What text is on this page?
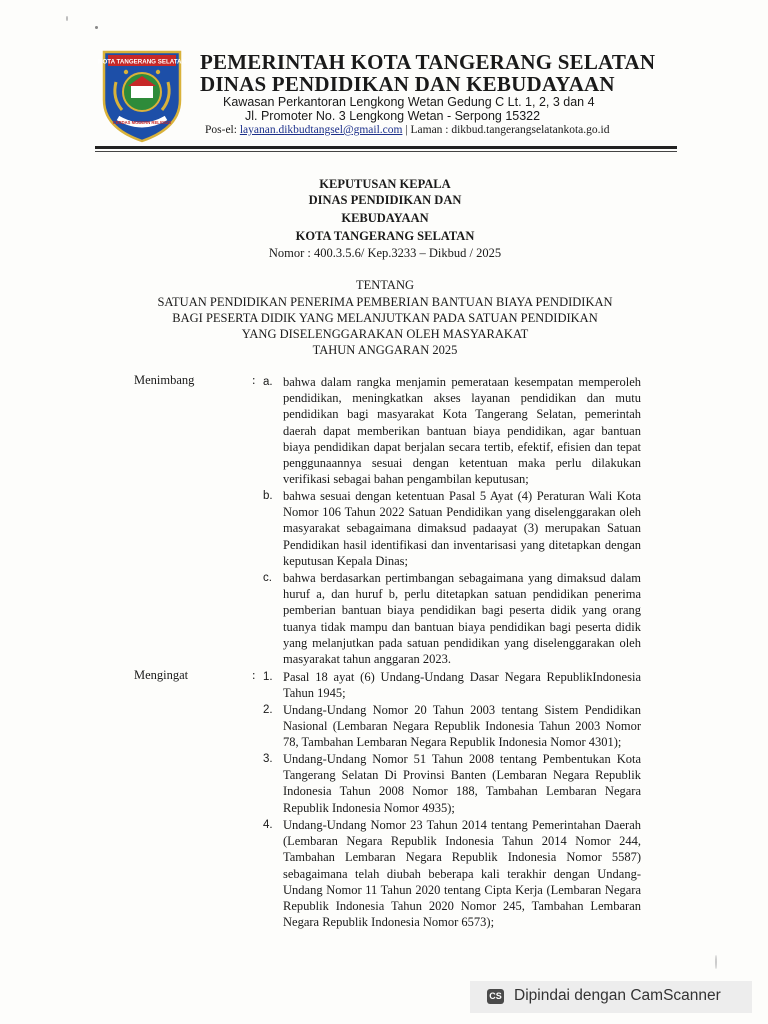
KOTA TANGERANG SELATAN
CERDAS MODERN RELIGIUS
PEMERINTAH KOTA TANGERANG SELATAN
DINAS PENDIDIKAN DAN KEBUDAYAAN
Kawasan Perkantoran Lengkong Wetan Gedung C Lt. 1, 2, 3 dan 4
Jl. Promoter No. 3 Lengkong Wetan - Serpong 15322
Pos-el: layanan.dikbudtangsel@gmail.com | Laman : dikbud.tangerangselatankota.go.id
KEPUTUSAN KEPALA
DINAS PENDIDIKAN DAN
KEBUDAYAAN
KOTA TANGERANG SELATAN
Nomor : 400.3.5.6/ Kep.3233 – Dikbud / 2025
TENTANG
SATUAN PENDIDIKAN PENERIMA PEMBERIAN BANTUAN BIAYA PENDIDIKAN
BAGI PESERTA DIDIK YANG MELANJUTKAN PADA SATUAN PENDIDIKAN
YANG DISELENGGARAKAN OLEH MASYARAKAT
TAHUN ANGGARAN 2025
Menimbang	: a. bahwa dalam rangka menjamin pemerataan kesempatan memperoleh pendidikan, meningkatkan akses layanan pendidikan dan mutu pendidikan bagi masyarakat Kota Tangerang Selatan, pemerintah daerah dapat memberikan bantuan biaya pendidikan, agar bantuan biaya pendidikan dapat berjalan secara tertib, efektif, efisien dan tepat penggunaannya sesuai dengan ketentuan maka perlu dilakukan verifikasi sebagai bahan pengambilan keputusan;
b. bahwa sesuai dengan ketentuan Pasal 5 Ayat (4) Peraturan Wali Kota Nomor 106 Tahun 2022 Satuan Pendidikan yang diselenggarakan oleh masyarakat sebagaimana dimaksud padaayat (3) merupakan Satuan Pendidikan hasil identifikasi dan inventarisasi yang ditetapkan dengan keputusan Kepala Dinas;
c. bahwa berdasarkan pertimbangan sebagaimana yang dimaksud dalam huruf a, dan huruf b, perlu ditetapkan satuan pendidikan penerima pemberian bantuan biaya pendidikan bagi peserta didik yang orang tuanya tidak mampu dan bantuan biaya pendidikan bagi peserta didik yang melanjutkan pada satuan pendidikan yang diselenggarakan oleh masyarakat tahun anggaran 2023.
Mengingat	: 1. Pasal 18 ayat (6) Undang-Undang Dasar Negara RepublikIndonesia Tahun 1945;
2. Undang-Undang Nomor 20 Tahun 2003 tentang Sistem Pendidikan Nasional (Lembaran Negara Republik Indonesia Tahun 2003 Nomor 78, Tambahan Lembaran Negara Republik Indonesia Nomor 4301);
3. Undang-Undang Nomor 51 Tahun 2008 tentang Pembentukan Kota Tangerang Selatan Di Provinsi Banten (Lembaran Negara Republik Indonesia Tahun 2008 Nomor 188, Tambahan Lembaran Negara Republik Indonesia Nomor 4935);
4. Undang-Undang Nomor 23 Tahun 2014 tentang Pemerintahan Daerah (Lembaran Negara Republik Indonesia Tahun 2014 Nomor 244, Tambahan Lembaran Negara Republik Indonesia Nomor 5587) sebagaimana telah diubah beberapa kali terakhir dengan Undang-Undang Nomor 11 Tahun 2020 tentang Cipta Kerja (Lembaran Negara Republik Indonesia Tahun 2020 Nomor 245, Tambahan Lembaran Negara Republik Indonesia Nomor 6573);
CS Dipindai dengan CamScanner
